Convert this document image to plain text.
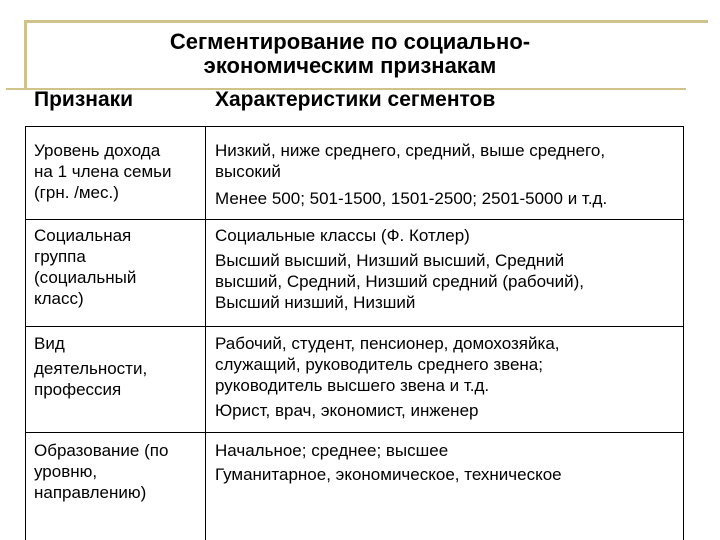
Сегментирование по социально-
экономическим признакам
Признаки	Характеристики сегментов
Уровень дохода
на 1 члена семьи
(грн. /мес.)
Низкий, ниже среднего, средний, выше среднего,
высокий
Менее 500; 501-1500, 1501-2500; 2501-5000 и т.д.
Социальная
группа
(социальный
класс)
Социальные классы (Ф. Котлер)
Высший высший, Низший высший, Средний
высший, Средний, Низший средний (рабочий),
Высший низший, Низший
Вид
деятельности,
профессия
Рабочий, студент, пенсионер, домохозяйка,
служащий, руководитель среднего звена;
руководитель высшего звена и т.д.
Юрист, врач, экономист, инженер
Образование (по
уровню,
направлению)
Начальное; среднее; высшее
Гуманитарное, экономическое, техническое
